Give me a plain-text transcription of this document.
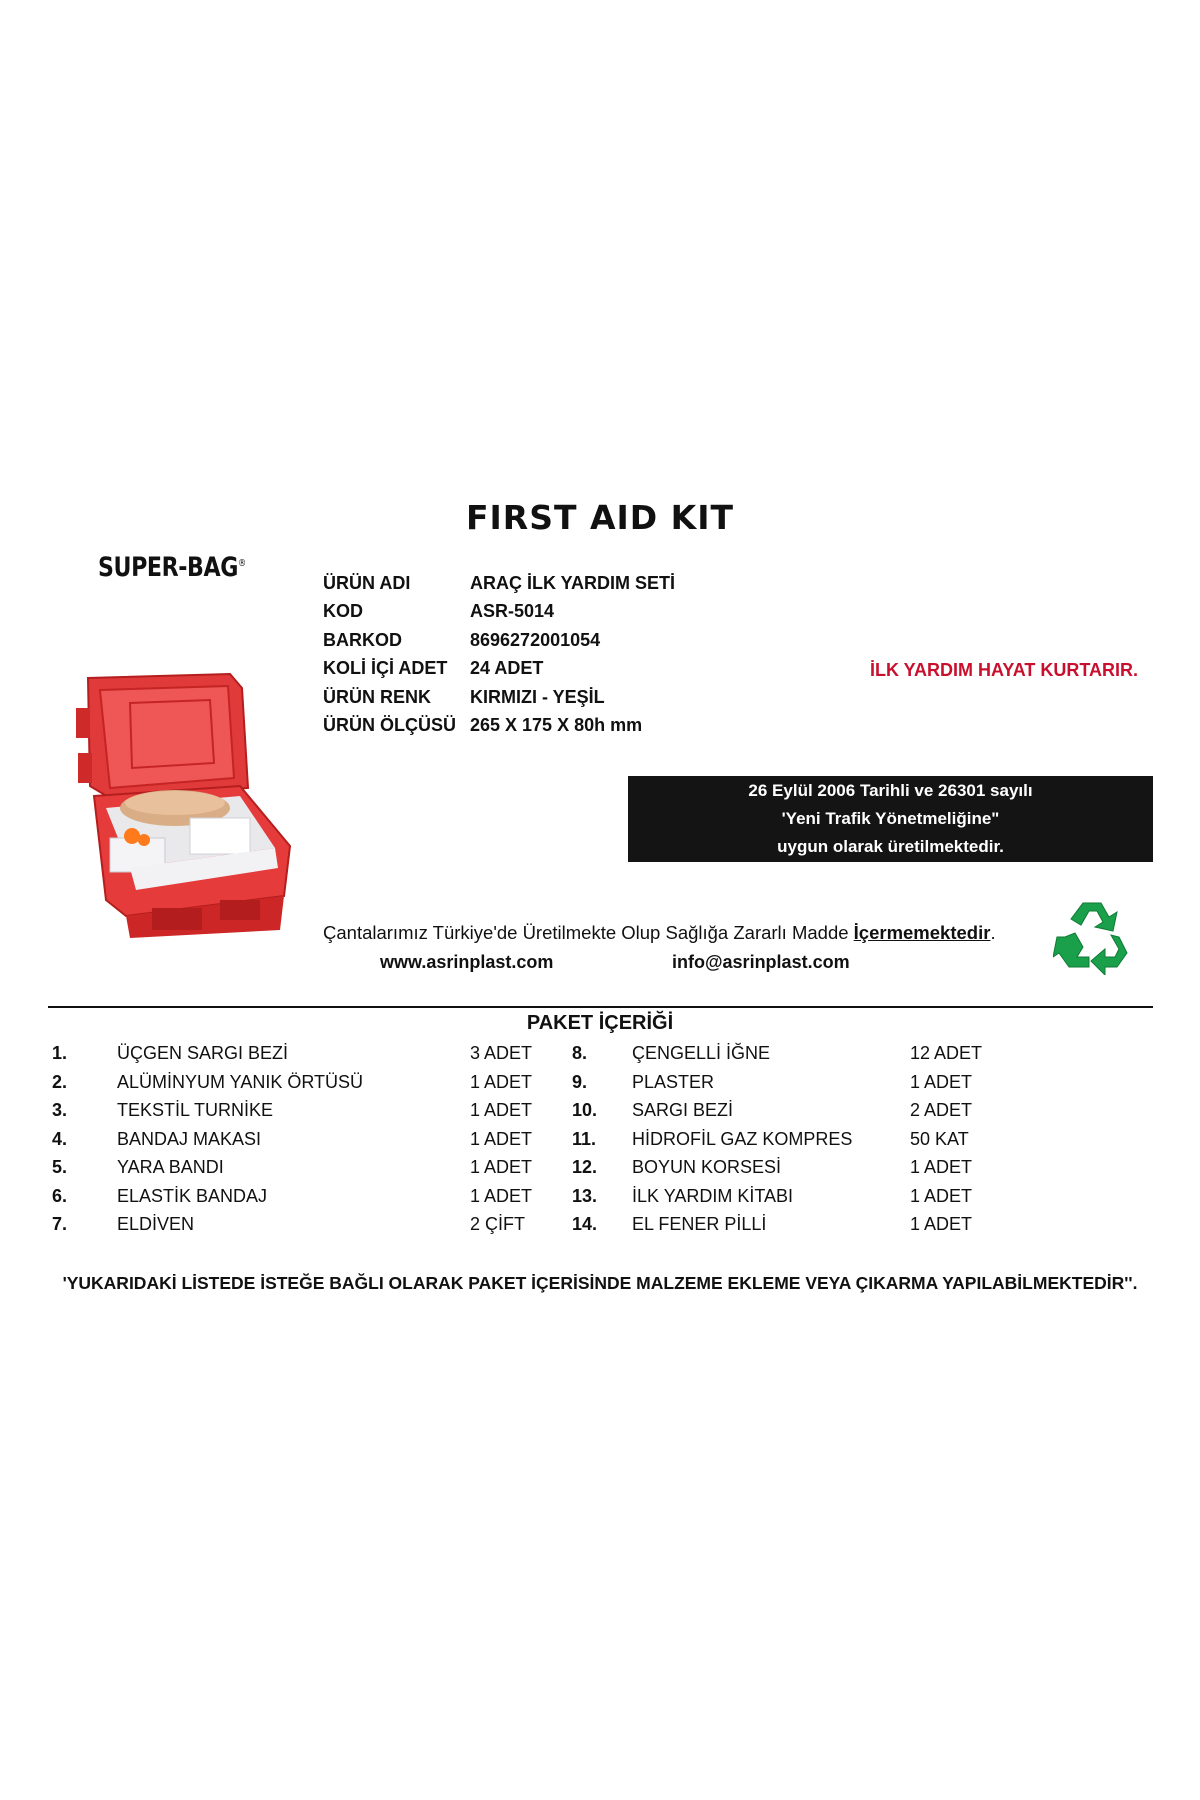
FIRST AID KIT
SUPER-BAG®
ÜRÜN ADI	ARAÇ İLK YARDIM SETİ
KOD	ASR-5014
BARKOD	8696272001054
KOLİ İÇİ ADET 24 ADET
ÜRÜN RENK KIRMIZI - YEŞİL
ÜRÜN ÖLÇÜSÜ 265 X 175 X 80h mm
İLK YARDIM HAYAT KURTARIR.
26 Eylül 2006 Tarihli ve 26301 sayılı
'Yeni Trafik Yönetmeliğine"
uygun olarak üretilmektedir.
Çantalarımız Türkiye'de Üretilmekte Olup Sağlığa Zararlı Madde İçermemektedir.
5
www.asrinplast.com	info@asrinplast.com
PAKET İÇERİĞİ
1.	ÜÇGEN SARGI BEZİ	3 ADET
2.	ALÜMİNYUM YANIK ÖRTÜSÜ	1 ADET
3.	TEKSTİL TURNİKE	1 ADET
4.	BANDAJ MAKASI	1 ADET
5.	YARA BANDI	1 ADET
6.	ELASTİK BANDAJ	1 ADET
7.	ELDİVEN	2 ÇİFT
8. ÇENGELLİ İĞNE	12 ADET
9. PLASTER	1 ADET
10. SARGI BEZİ	2 ADET
11. HİDROFİL GAZ KOMPRES	50 KAT
12. BOYUN KORSESİ	1 ADET
13. İLK YARDIM KİTABI	1 ADET
14. EL FENER PİLLİ	1 ADET
'YUKARIDAKİ LİSTEDE İSTEĞE BAĞLI OLARAK PAKET İÇERİSİNDE MALZEME EKLEME VEYA ÇIKARMA YAPILABİLMEKTEDİR''.
